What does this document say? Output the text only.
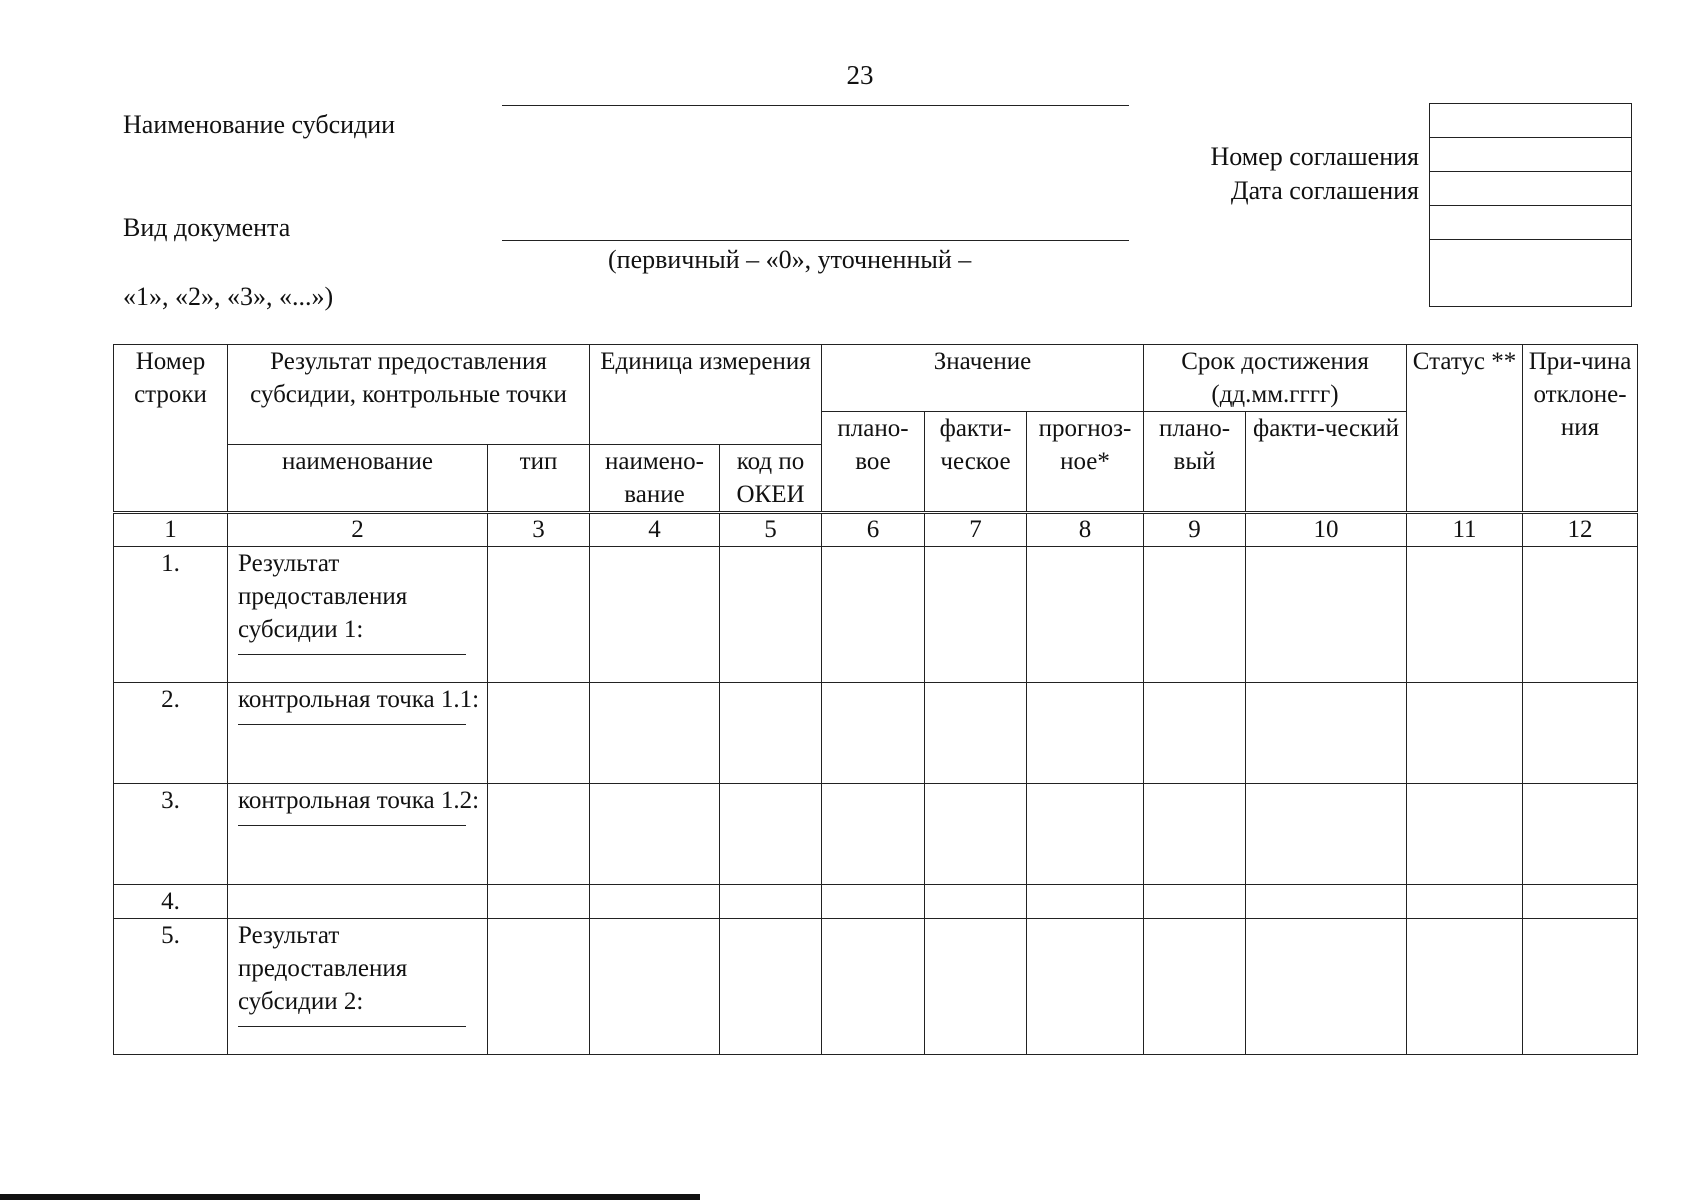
23
Наименование субсидии
Вид документа
(первичный – «0», уточненный –
«1», «2», «3», «...»)
Номер соглашения
Дата соглашения
Номер строки	Результат предоставления субсидии, контрольные точки		Единица измерения		Значение			Срок достижения (дд.мм.гггг)		Статус **	При-чина отклоне-ния
					плано-вое	факти-ческое	прогноз-ное*	плано-вый	факти-ческий		
	наименование	тип	наимено-вание	код по ОКЕИ							
1	2	3	4	5	6	7	8	9	10	11	12
1.	Результат предоставления субсидии 1:

2.	контрольная точка 1.1:

3.	контрольная точка 1.2:

4.											
5.	Результат предоставления субсидии 2:
